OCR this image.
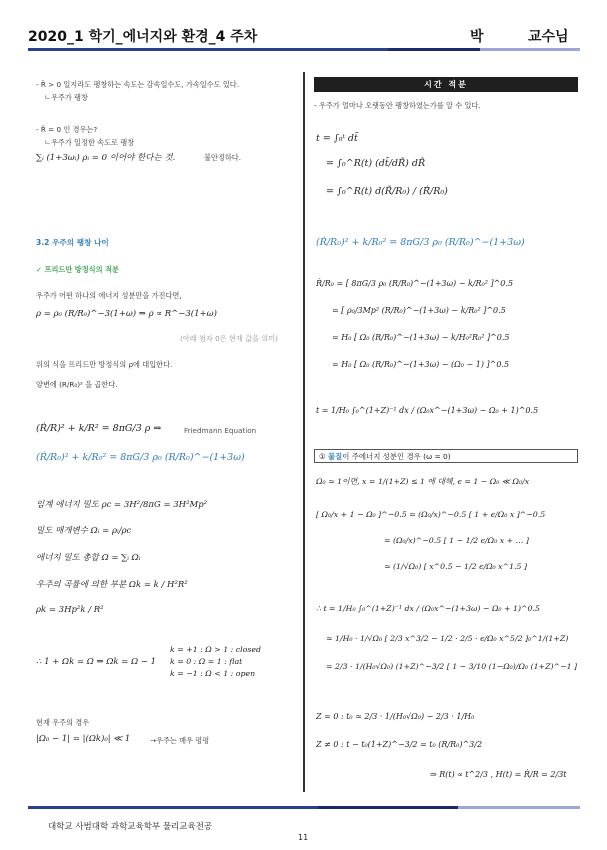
2020_1 학기_에너지와 환경_4 주차	박	교수님
- R̈ > 0 일지라도 팽창하는 속도는 감속일수도, 가속일수도 있다.
ㄴ우주가 팽창
- R̈ = 0 인 경우는?
ㄴ우주가 일정한 속도로 팽창
∑ᵢ (1+3ωᵢ) ρᵢ = 0 이어야 한다는 것.	불안정하다.
3.2 우주의 팽창 나이
✓ 프리드만 방정식의 적분
우주가 어떤 하나의 에너지 성분만을 가진다면,
ρ = ρ₀ (R/R₀)^−3(1+ω) ⇒ ρ ∝ R^−3(1+ω)
(아래 첨자 0은 현재 값을 의미)
위의 식을 프리드만 방정식의 ρ에 대입한다.
양변에 (R/R₀)² 을 곱한다.
(Ṙ/R)² + k/R² = 8πG/3 ρ ⇒	Friedmann Equation
(Ṙ/R₀)² + k/R₀² = 8πG/3 ρ₀ (R/R₀)^−(1+3ω)
임계 에너지 밀도 ρc = 3H²/8πG = 3H²Mp²
밀도 매개변수 Ωᵢ = ρᵢ/ρc
에너지 밀도 총합 Ω = ∑ᵢ Ωᵢ
우주의 곡률에 의한 부분 Ωk = k / H²R²
ρk = 3Hp²k / R²
∴ 1 + Ωk = Ω ⇒ Ωk = Ω − 1
k = +1 : Ω > 1 : closed
k = 0 : Ω = 1 : flat
k = −1 : Ω < 1 : open
현재 우주의 경우
|Ω₀ − 1| = |(Ωk)₀| ≪ 1	→우주는 매우 평평
시간 적분
- 우주가 얼마나 오랫동안 팽창하였는가를 알 수 있다.
t = ∫₀ᵗ dt̃
= ∫₀^R(t) (dt̃/dR̃) dR̃
= ∫₀^R(t) d(R̃/R₀) / (Ṙ̃/R₀)
(Ṙ/R₀)² + k/R₀² = 8πG/3 ρ₀ (R/R₀)^−(1+3ω)
Ṙ/R₀ = [ 8πG/3 ρ₀ (R/R₀)^−(1+3ω) − k/R₀² ]^0.5
= [ ρ₀/3Mp² (R/R₀)^−(1+3ω) − k/R₀² ]^0.5
= H₀ [ Ω₀ (R/R₀)^−(1+3ω) − k/H₀²R₀² ]^0.5
= H₀ [ Ω₀ (R/R₀)^−(1+3ω) − (Ω₀ − 1) ]^0.5
t = 1/H₀ ∫₀^(1+Z)⁻¹ dx / (Ω₀x^−(1+3ω) − Ω₀ + 1)^0.5
① 물질이 주에너지 성분인 경우 (ω = 0)
Ω₀ ≃ 1이면, x = 1/(1+Z) ≤ 1 에 대해, ϵ = 1 − Ω₀ ≪ Ω₀/x
[ Ω₀/x + 1 − Ω₀ ]^−0.5 = (Ω₀/x)^−0.5 [ 1 + ϵ/Ω₀ x ]^−0.5
= (Ω₀/x)^−0.5 [ 1 − 1/2 ϵ/Ω₀ x + … ]
≃ (1/√Ω₀) [ x^0.5 − 1/2 ϵ/Ω₀ x^1.5 ]
∴ t = 1/H₀ ∫₀^(1+Z)⁻¹ dx / (Ω₀x^−(1+3ω) − Ω₀ + 1)^0.5
≃ 1/H₀ · 1/√Ω₀ [ 2/3 x^3/2 − 1/2 · 2/5 · ϵ/Ω₀ x^5/2 ]₀^1/(1+Z)
= 2/3 · 1/(H₀√Ω₀) (1+Z)^−3/2 [ 1 − 3/10 (1−Ω₀)/Ω₀ (1+Z)^−1 ]
Z = 0 : t₀ ≃ 2/3 · 1/(H₀√Ω₀) − 2/3 · 1/H₀
Z ≠ 0 : t − t₀(1+Z)^−3/2 = t₀ (R/R₀)^3/2
⇒ R(t) ∝ t^2/3 , H(t) = Ṙ/R = 2/3t
대학교 사범대학 과학교육학부 물리교육전공
11
